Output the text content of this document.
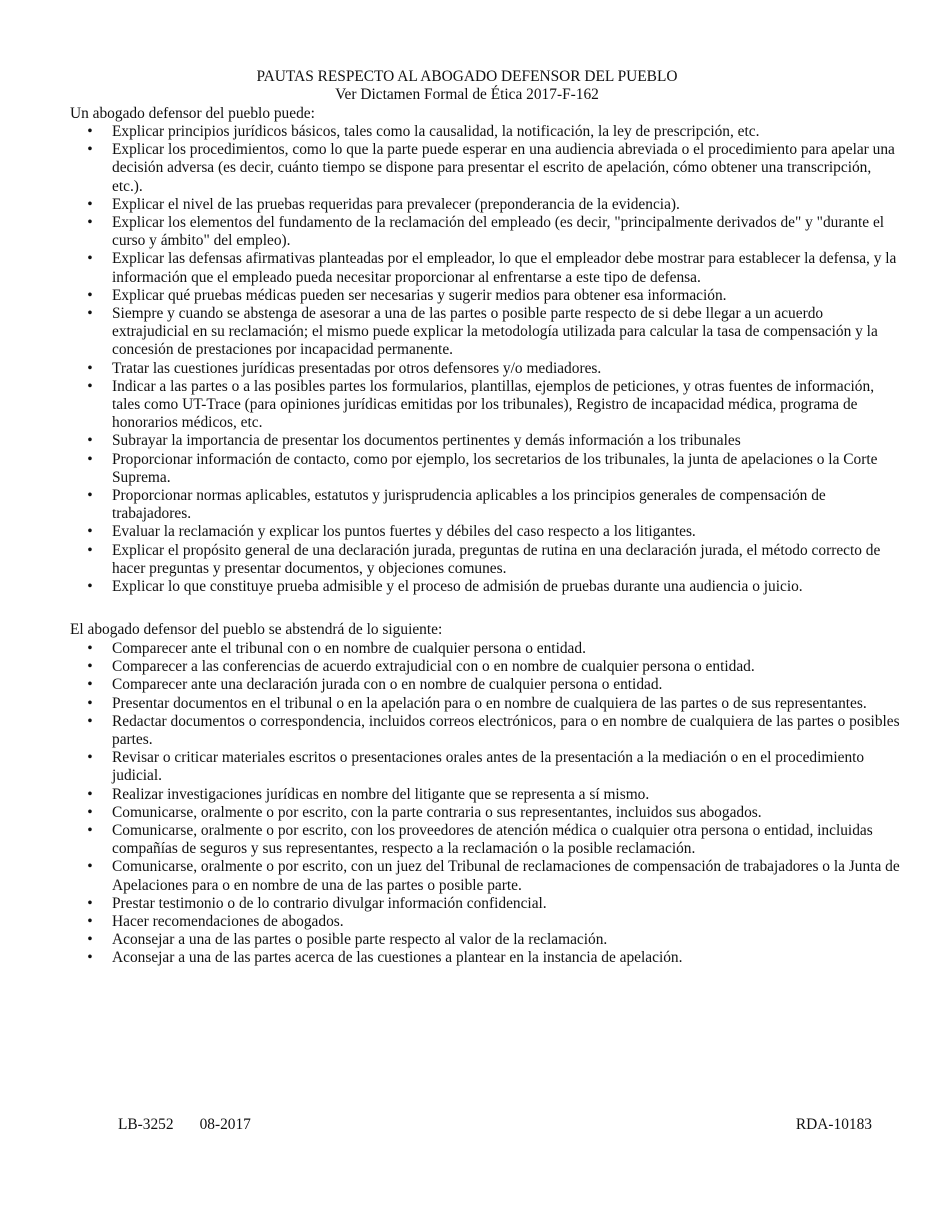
PAUTAS RESPECTO AL ABOGADO DEFENSOR DEL PUEBLO
Ver Dictamen Formal de Ética 2017-F-162

Un abogado defensor del pueblo puede:

• Explicar principios jurídicos básicos, tales como la causalidad, la notificación, la ley de prescripción, etc.
• Explicar los procedimientos, como lo que la parte puede esperar en una audiencia abreviada o el procedimiento para apelar una decisión adversa (es decir, cuánto tiempo se dispone para presentar el escrito de apelación, cómo obtener una transcripción, etc.).
• Explicar el nivel de las pruebas requeridas para prevalecer (preponderancia de la evidencia).
• Explicar los elementos del fundamento de la reclamación del empleado (es decir, "principalmente derivados de" y "durante el curso y ámbito" del empleo).
• Explicar las defensas afirmativas planteadas por el empleador, lo que el empleador debe mostrar para establecer la defensa, y la información que el empleado pueda necesitar proporcionar al enfrentarse a este tipo de defensa.
• Explicar qué pruebas médicas pueden ser necesarias y sugerir medios para obtener esa información.
• Siempre y cuando se abstenga de asesorar a una de las partes o posible parte respecto de si debe llegar a un acuerdo extrajudicial en su reclamación; el mismo puede explicar la metodología utilizada para calcular la tasa de compensación y la concesión de prestaciones por incapacidad permanente.
• Tratar las cuestiones jurídicas presentadas por otros defensores y/o mediadores.
• Indicar a las partes o a las posibles partes los formularios, plantillas, ejemplos de peticiones, y otras fuentes de información, tales como UT-Trace (para opiniones jurídicas emitidas por los tribunales), Registro de incapacidad médica, programa de honorarios médicos, etc.
• Subrayar la importancia de presentar los documentos pertinentes y demás información a los tribunales
• Proporcionar información de contacto, como por ejemplo, los secretarios de los tribunales, la junta de apelaciones o la Corte Suprema.
• Proporcionar normas aplicables, estatutos y jurisprudencia aplicables a los principios generales de compensación de trabajadores.
• Evaluar la reclamación y explicar los puntos fuertes y débiles del caso respecto a los litigantes.
• Explicar el propósito general de una declaración jurada, preguntas de rutina en una declaración jurada, el método correcto de hacer preguntas y presentar documentos, y objeciones comunes.
• Explicar lo que constituye prueba admisible y el proceso de admisión de pruebas durante una audiencia o juicio.

El abogado defensor del pueblo se abstendrá de lo siguiente:

• Comparecer ante el tribunal con o en nombre de cualquier persona o entidad.
• Comparecer a las conferencias de acuerdo extrajudicial con o en nombre de cualquier persona o entidad.
• Comparecer ante una declaración jurada con o en nombre de cualquier persona o entidad.
• Presentar documentos en el tribunal o en la apelación para o en nombre de cualquiera de las partes o de sus representantes.
• Redactar documentos o correspondencia, incluidos correos electrónicos, para o en nombre de cualquiera de las partes o posibles partes.
• Revisar o criticar materiales escritos o presentaciones orales antes de la presentación a la mediación o en el procedimiento judicial.
• Realizar investigaciones jurídicas en nombre del litigante que se representa a sí mismo.
• Comunicarse, oralmente o por escrito, con la parte contraria o sus representantes, incluidos sus abogados.
• Comunicarse, oralmente o por escrito, con los proveedores de atención médica o cualquier otra persona o entidad, incluidas compañías de seguros y sus representantes, respecto a la reclamación o la posible reclamación.
• Comunicarse, oralmente o por escrito, con un juez del Tribunal de reclamaciones de compensación de trabajadores o la Junta de Apelaciones para o en nombre de una de las partes o posible parte.
• Prestar testimonio o de lo contrario divulgar información confidencial.
• Hacer recomendaciones de abogados.
• Aconsejar a una de las partes o posible parte respecto al valor de la reclamación.
• Aconsejar a una de las partes acerca de las cuestiones a plantear en la instancia de apelación.
LB-3252 08-2017	RDA-10183
